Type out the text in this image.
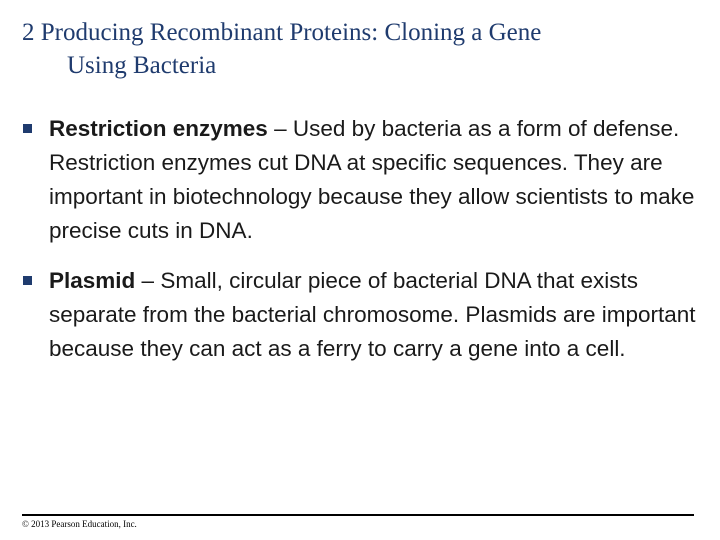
2 Producing Recombinant Proteins: Cloning a Gene
Using Bacteria
Restriction enzymes – Used by bacteria as a form of defense. Restriction enzymes cut DNA at specific sequences. They are important in biotechnology because they allow scientists to make precise cuts in DNA.
Plasmid – Small, circular piece of bacterial DNA that exists separate from the bacterial chromosome. Plasmids are important because they can act as a ferry to carry a gene into a cell.
© 2013 Pearson Education, Inc.
